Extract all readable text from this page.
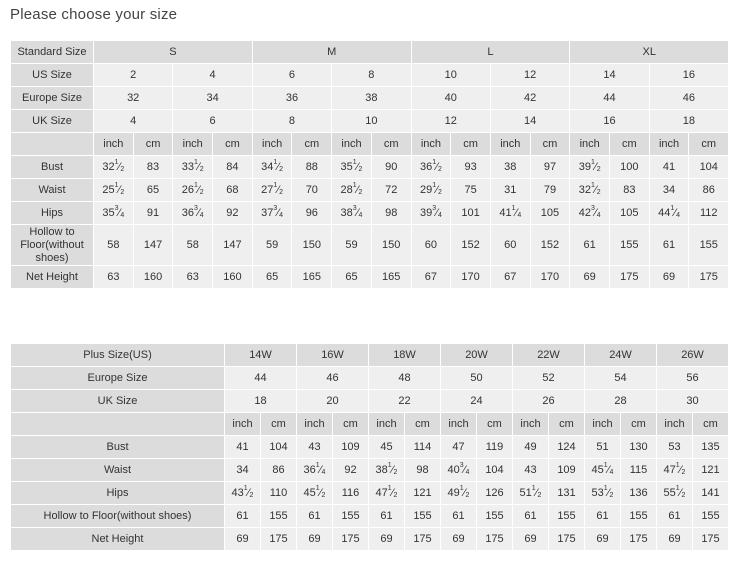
Please choose your size
Standard Size	S				M				L				XL			
US Size	2		4		6		8		10		12		14		16	
Europe Size	32		34		36		38		40		42		44		46	
UK Size	4		6		8		10		12		14		16		18	
	inch	cm	inch	cm	inch	cm	inch	cm	inch	cm	inch	cm	inch	cm	inch	cm
Bust	$32^1⁄_2$	83	$33^1⁄_2$	84	$34^1⁄_2$	88	$35^1⁄_2$	90	$36^1⁄_2$	93	38	97	$39^1⁄_2$	100	41	104
Waist	$25^1⁄_2$	65	$26^1⁄_2$	68	$27^1⁄_2$	70	$28^1⁄_2$	72	$29^1⁄_2$	75	31	79	$32^1⁄_2$	83	34	86
Hips	$35^3⁄_4$	91	$36^3⁄_4$	92	$37^3⁄_4$	96	$38^3⁄_4$	98	$39^3⁄_4$	101	$41^1⁄_4$	105	$42^3⁄_4$	105	$44^1⁄_4$	112
Hollow to Floor(without shoes)	58	147	58	147	59	150	59	150	60	152	60	152	61	155	61	155
Net Height	63	160	63	160	65	165	65	165	67	170	67	170	69	175	69	175
Plus Size(US)	14W		16W		18W		20W		22W		24W		26W	
Europe Size	44		46		48		50		52		54		56	
UK Size	18		20		22		24		26		28		30	
	inch	cm	inch	cm	inch	cm	inch	cm	inch	cm	inch	cm	inch	cm
Bust	41	104	43	109	45	114	47	119	49	124	51	130	53	135
Waist	34	86	$36^1⁄_4$	92	$38^1⁄_2$	98	$40^3⁄_4$	104	43	109	$45^1⁄_4$	115	$47^1⁄_2$	121
Hips	$43^1⁄_2$	110	$45^1⁄_2$	116	$47^1⁄_2$	121	$49^1⁄_2$	126	$51^1⁄_2$	131	$53^1⁄_2$	136	$55^1⁄_2$	141
Hollow to Floor(without shoes)	61	155	61	155	61	155	61	155	61	155	61	155	61	155
Net Height	69	175	69	175	69	175	69	175	69	175	69	175	69	175
